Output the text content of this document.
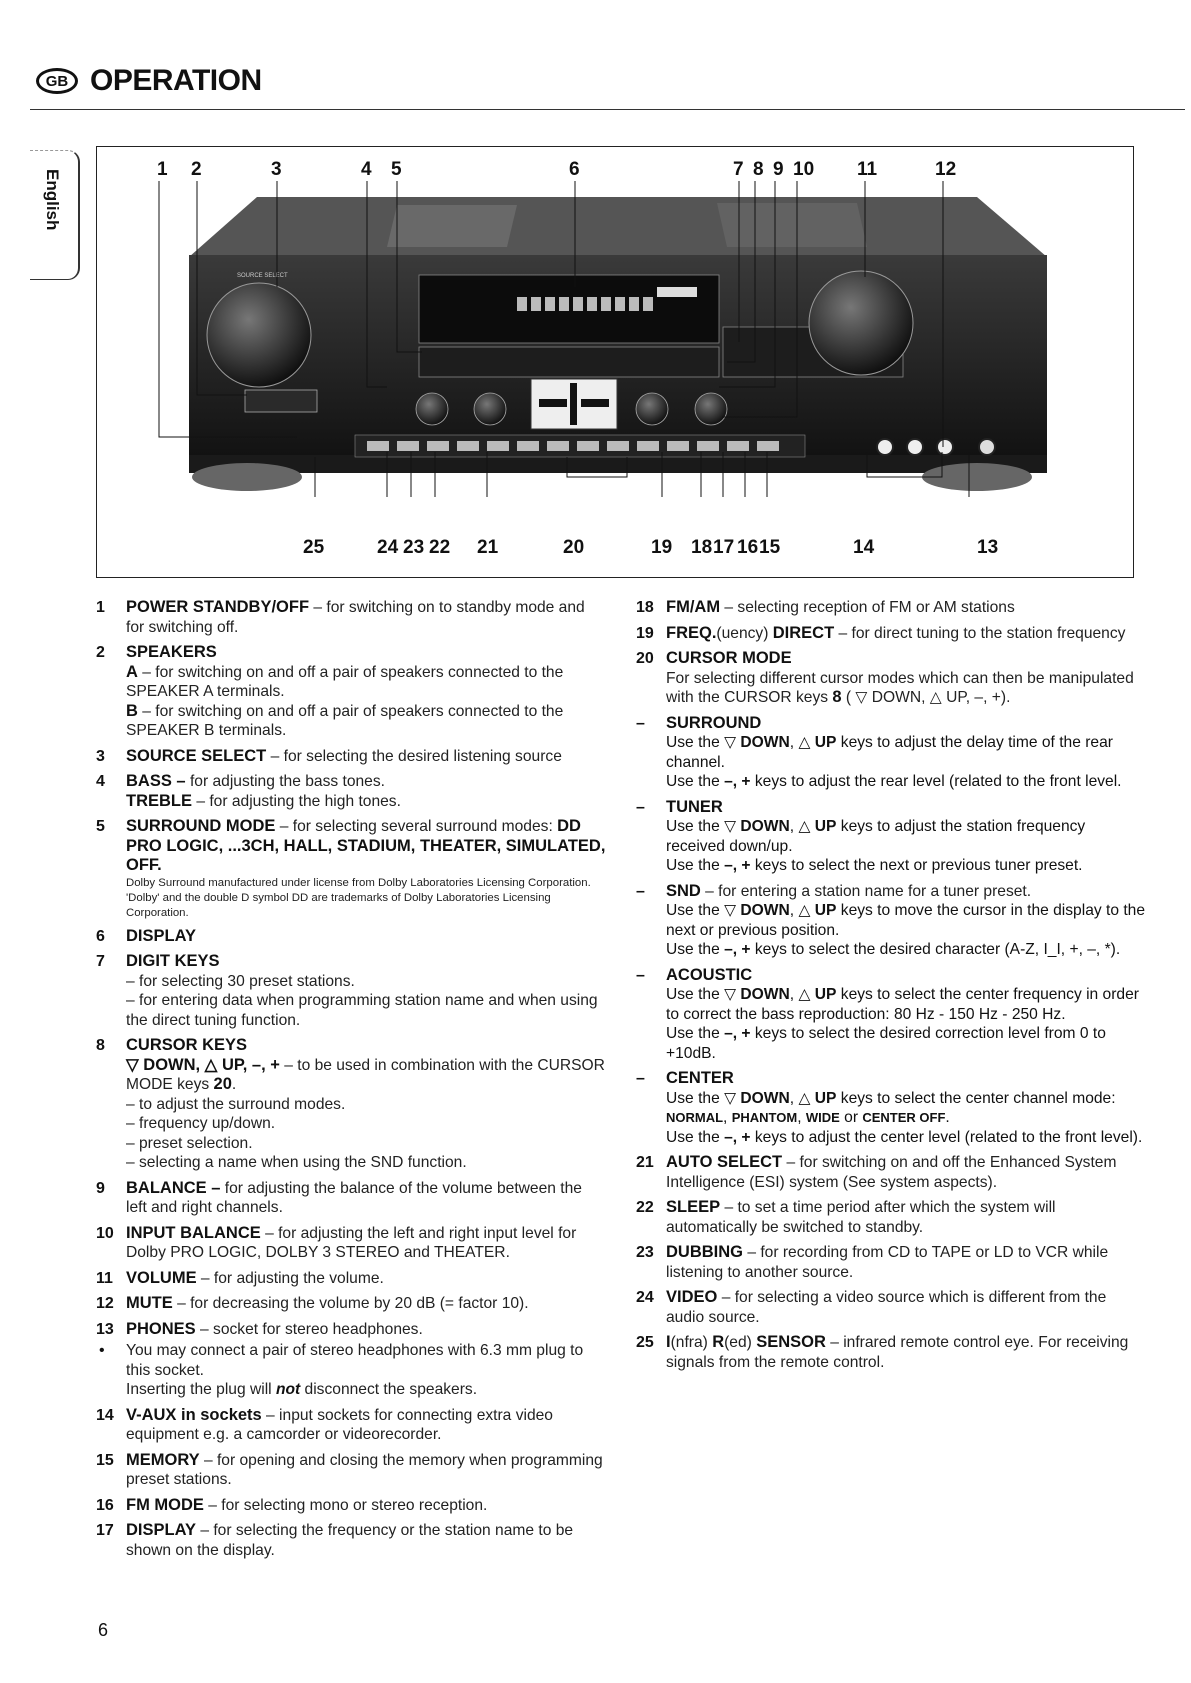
GB OPERATION
English
SOURCE SELECT
1 2	3	4 5	6	7 8 9 10 11	12
25	24 23 22 21	20	19 18 17 16 15	14	13
1 POWER STANDBY/OFF – for switching on to standby mode and for switching off.
2 SPEAKERS
A – for switching on and off a pair of speakers connected to the SPEAKER A terminals.
B – for switching on and off a pair of speakers connected to the SPEAKER B terminals.
3 SOURCE SELECT – for selecting the desired listening source
4 BASS – for adjusting the bass tones.
TREBLE – for adjusting the high tones.
5 SURROUND MODE – for selecting several surround modes: DD PRO LOGIC, ...3CH, HALL, STADIUM, THEATER, SIMULATED, OFF.
Dolby Surround manufactured under license from Dolby Laboratories Licensing Corporation. 'Dolby' and the double D symbol DD are trademarks of Dolby Laboratories Licensing Corporation.
6 DISPLAY
7 DIGIT KEYS
– for selecting 30 preset stations.
– for entering data when programming station name and when using the direct tuning function.
8 CURSOR KEYS
▽ DOWN, △ UP, –, + – to be used in combination with the CURSOR MODE keys 20.
– to adjust the surround modes.
– frequency up/down.
– preset selection.
– selecting a name when using the SND function.
9 BALANCE – for adjusting the balance of the volume between the left and right channels.
10 INPUT BALANCE – for adjusting the left and right input level for Dolby PRO LOGIC, DOLBY 3 STEREO and THEATER.
11 VOLUME – for adjusting the volume.
12 MUTE – for decreasing the volume by 20 dB (= factor 10).
13 PHONES – socket for stereo headphones.
• You may connect a pair of stereo headphones with 6.3 mm plug to this socket.
Inserting the plug will not disconnect the speakers.
14 V-AUX in sockets – input sockets for connecting extra video equipment e.g. a camcorder or videorecorder.
15 MEMORY – for opening and closing the memory when programming preset stations.
16 FM MODE – for selecting mono or stereo reception.
17 DISPLAY – for selecting the frequency or the station name to be shown on the display.
18 FM/AM – selecting reception of FM or AM stations
19 FREQ.(uency) DIRECT – for direct tuning to the station frequency
20 CURSOR MODE
For selecting different cursor modes which can then be manipulated with the CURSOR keys 8 ( ▽ DOWN, △ UP, –, +).
– SURROUND
Use the ▽ DOWN, △ UP keys to adjust the delay time of the rear channel.
Use the –, + keys to adjust the rear level (related to the front level.
– TUNER
Use the ▽ DOWN, △ UP keys to adjust the station frequency received down/up.
Use the –, + keys to select the next or previous tuner preset.
– SND – for entering a station name for a tuner preset.
Use the ▽ DOWN, △ UP keys to move the cursor in the display to the next or previous position.
Use the –, + keys to select the desired character (A-Z, I_I, +, –, *).
– ACOUSTIC
Use the ▽ DOWN, △ UP keys to select the center frequency in order to correct the bass reproduction: 80 Hz - 150 Hz - 250 Hz.
Use the –, + keys to select the desired correction level from 0 to +10dB.
– CENTER
Use the ▽ DOWN, △ UP keys to select the center channel mode: NORMAL, PHANTOM, WIDE or CENTER OFF.
Use the –, + keys to adjust the center level (related to the front level).
21 AUTO SELECT – for switching on and off the Enhanced System Intelligence (ESI) system (See system aspects).
22 SLEEP – to set a time period after which the system will automatically be switched to standby.
23 DUBBING – for recording from CD to TAPE or LD to VCR while listening to another source.
24 VIDEO – for selecting a video source which is different from the audio source.
25 I(nfra) R(ed) SENSOR – infrared remote control eye. For receiving signals from the remote control.
6
